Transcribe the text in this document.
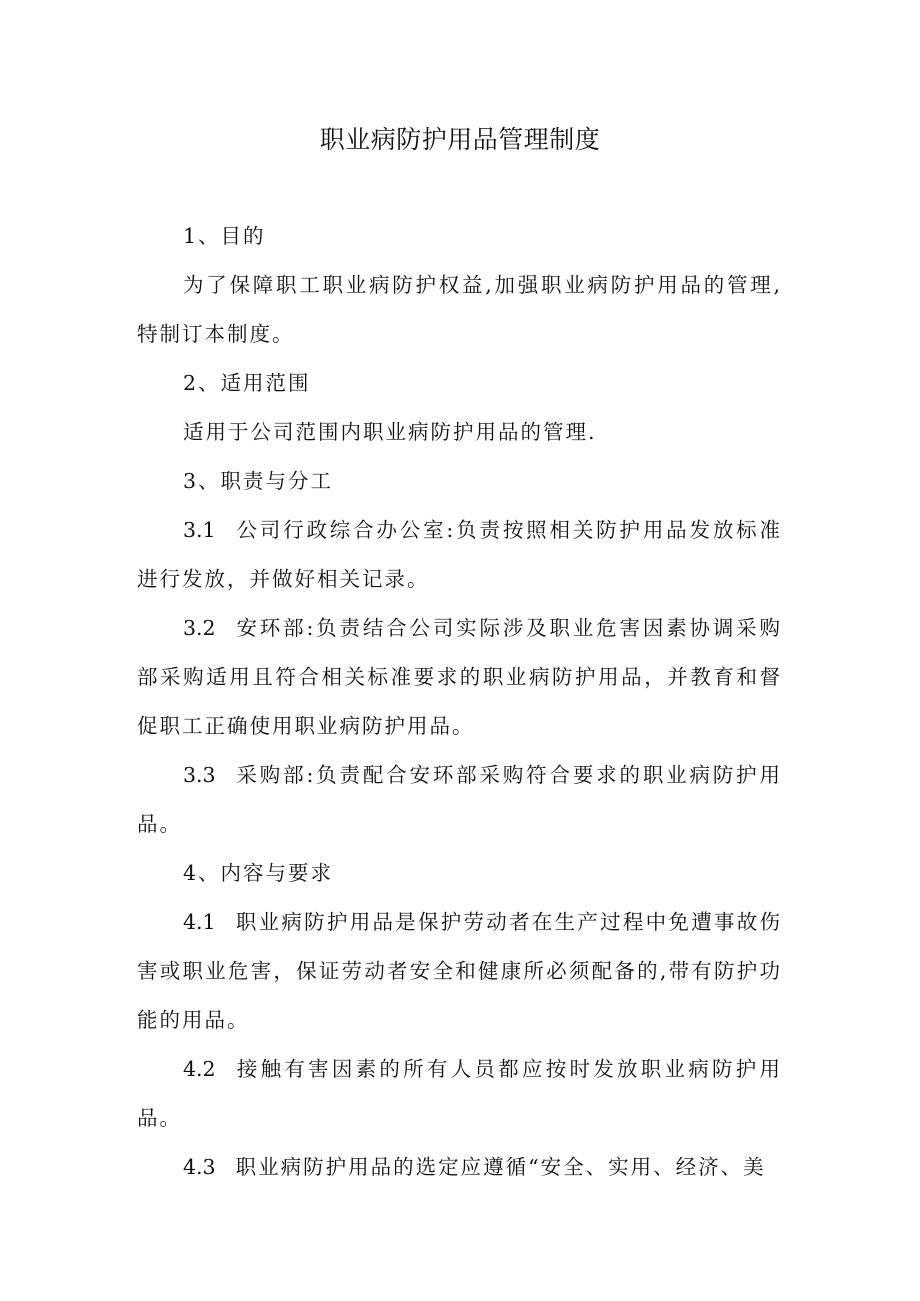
职业病防护用品管理制度

1、目的

为了保障职工职业病防护权益,加强职业病防护用品的管理,特制订本制度。

2、适用范围

适用于公司范围内职业病防护用品的管理.

3、职责与分工

3.1 公司行政综合办公室:负责按照相关防护用品发放标准进行发放，并做好相关记录。

3.2 安环部:负责结合公司实际涉及职业危害因素协调采购部采购适用且符合相关标准要求的职业病防护用品，并教育和督促职工正确使用职业病防护用品。

3.3 采购部:负责配合安环部采购符合要求的职业病防护用品。

4、内容与要求

4.1 职业病防护用品是保护劳动者在生产过程中免遭事故伤害或职业危害，保证劳动者安全和健康所必须配备的,带有防护功能的用品。

4.2 接触有害因素的所有人员都应按时发放职业病防护用品。

4.3 职业病防护用品的选定应遵循“安全、实用、经济、美
